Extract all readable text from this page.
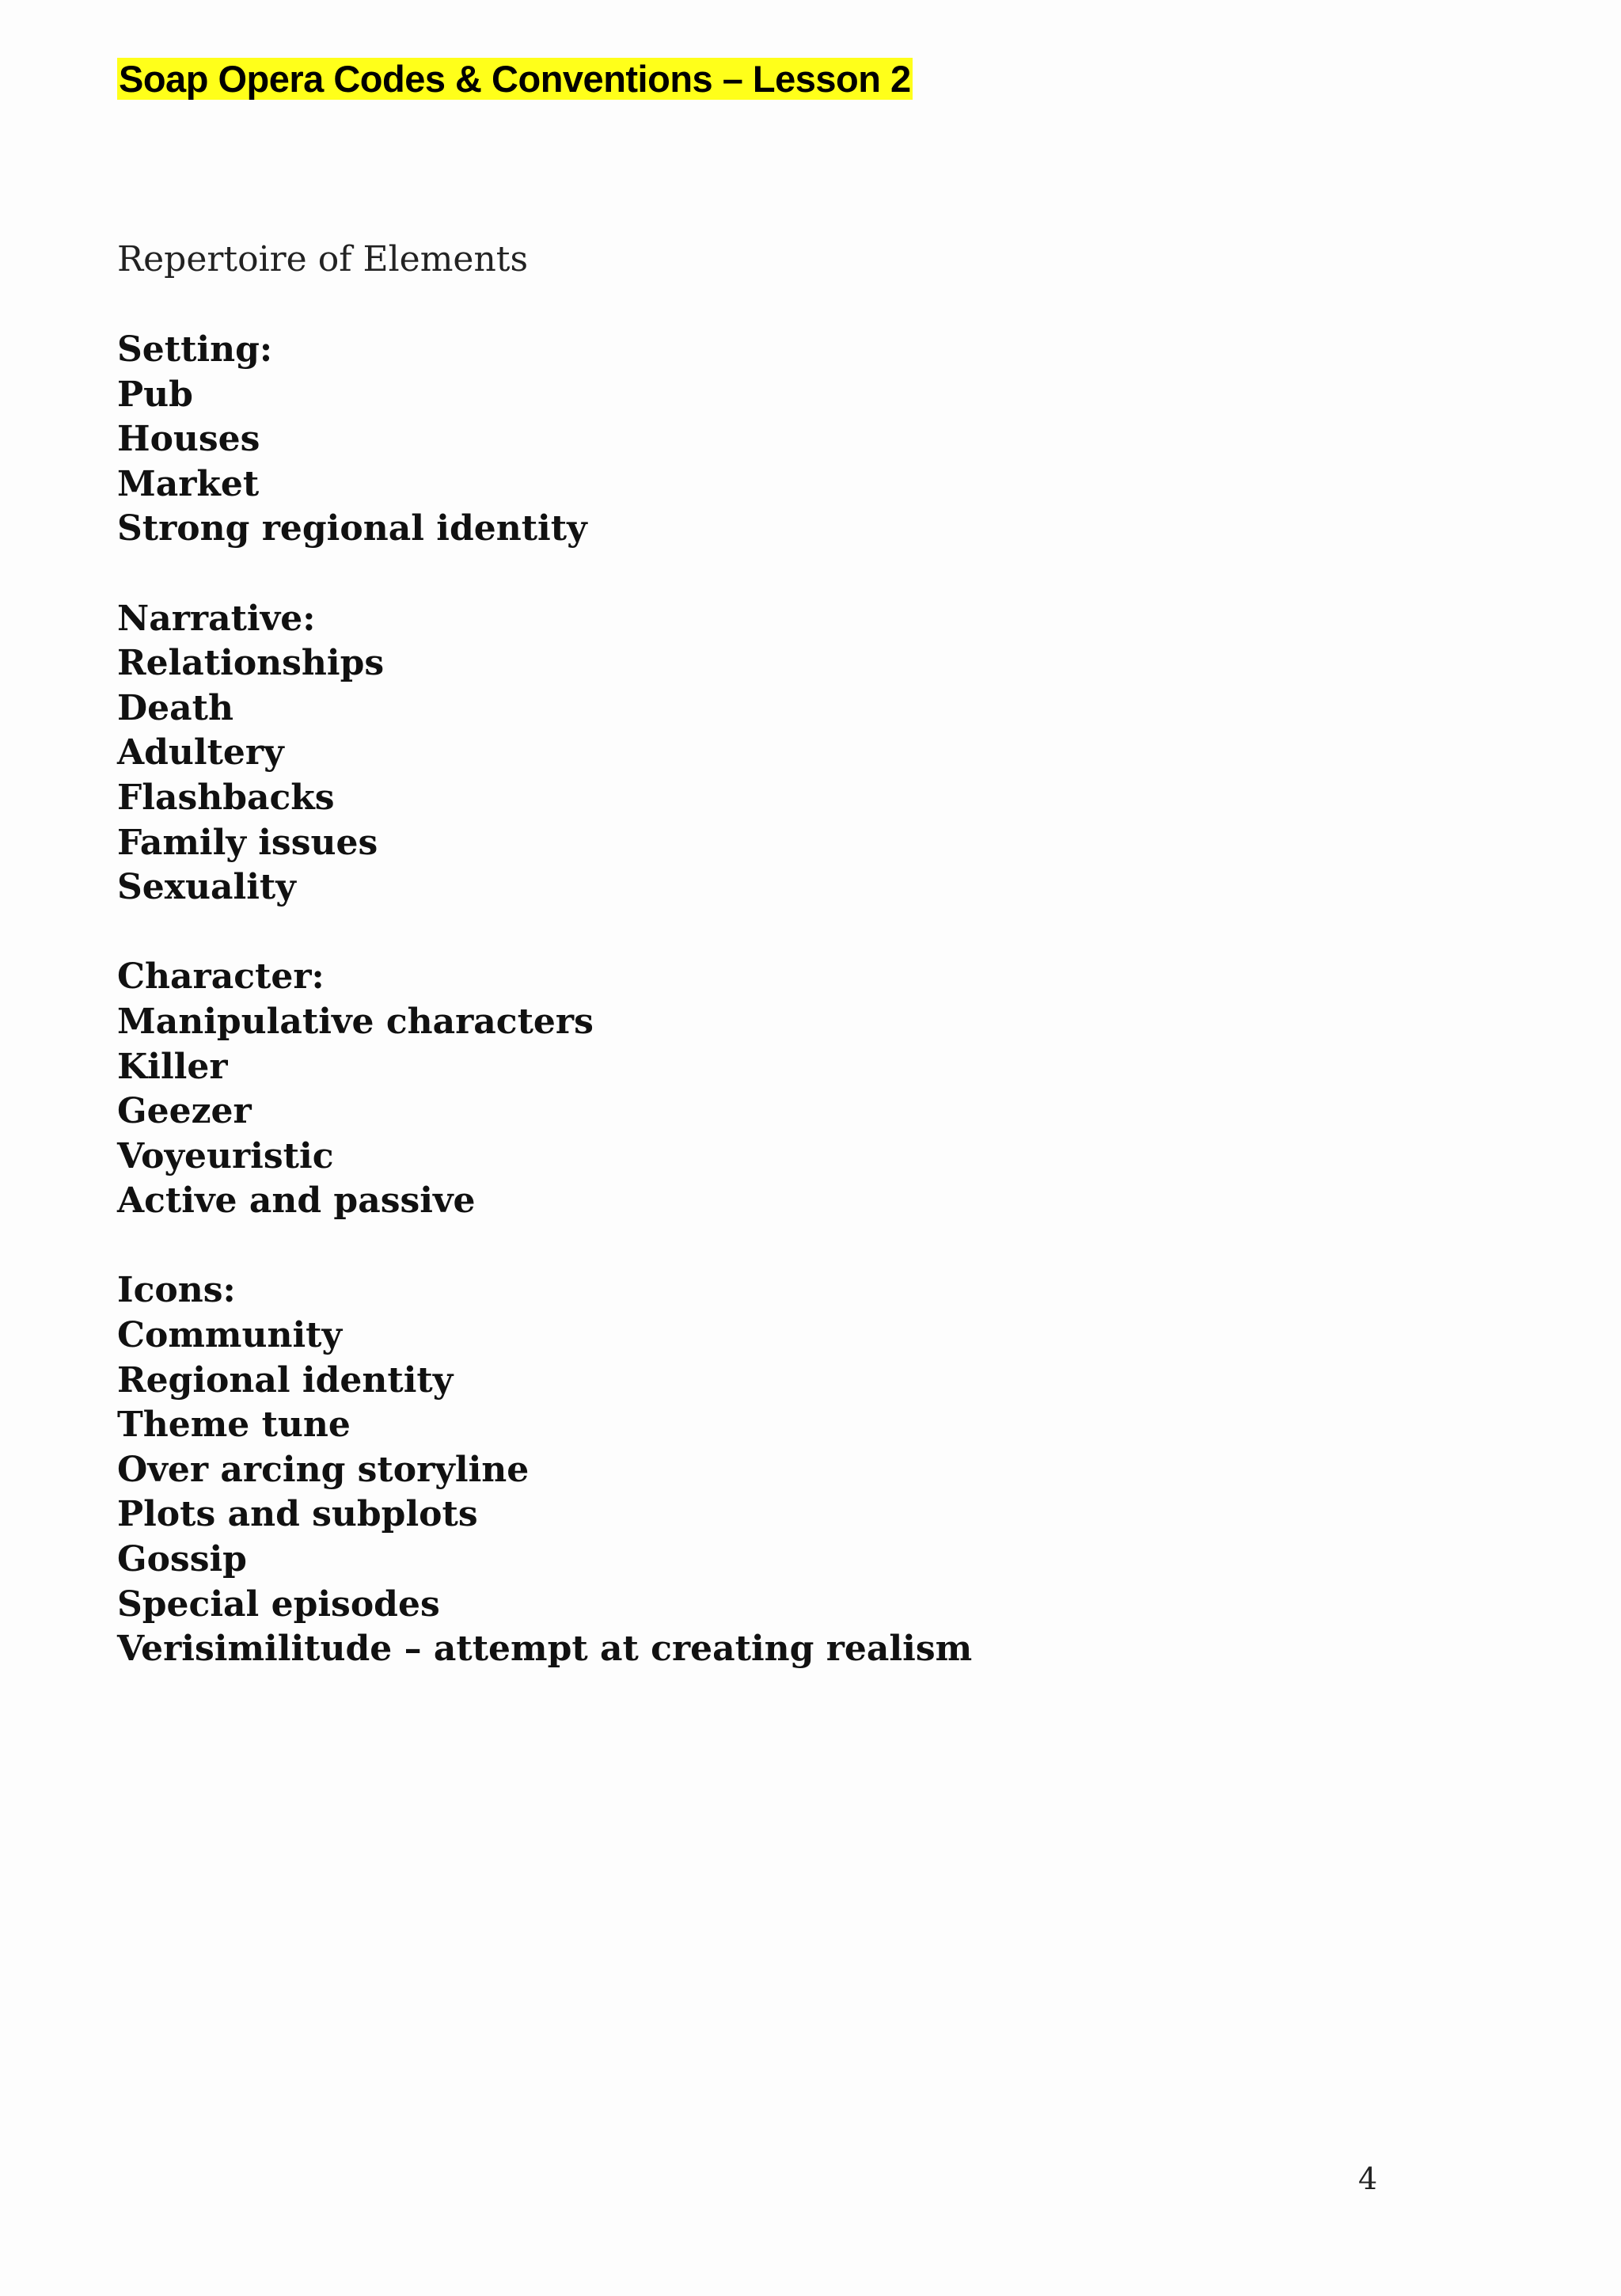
Soap Opera Codes & Conventions – Lesson 2
Repertoire of Elements
Setting:
Pub
Houses
Market
Strong regional identity
Narrative:
Relationships
Death
Adultery
Flashbacks
Family issues
Sexuality
Character:
Manipulative characters
Killer
Geezer
Voyeuristic
Active and passive
Icons:
Community
Regional identity
Theme tune
Over arcing storyline
Plots and subplots
Gossip
Special episodes
Verisimilitude – attempt at creating realism
4
